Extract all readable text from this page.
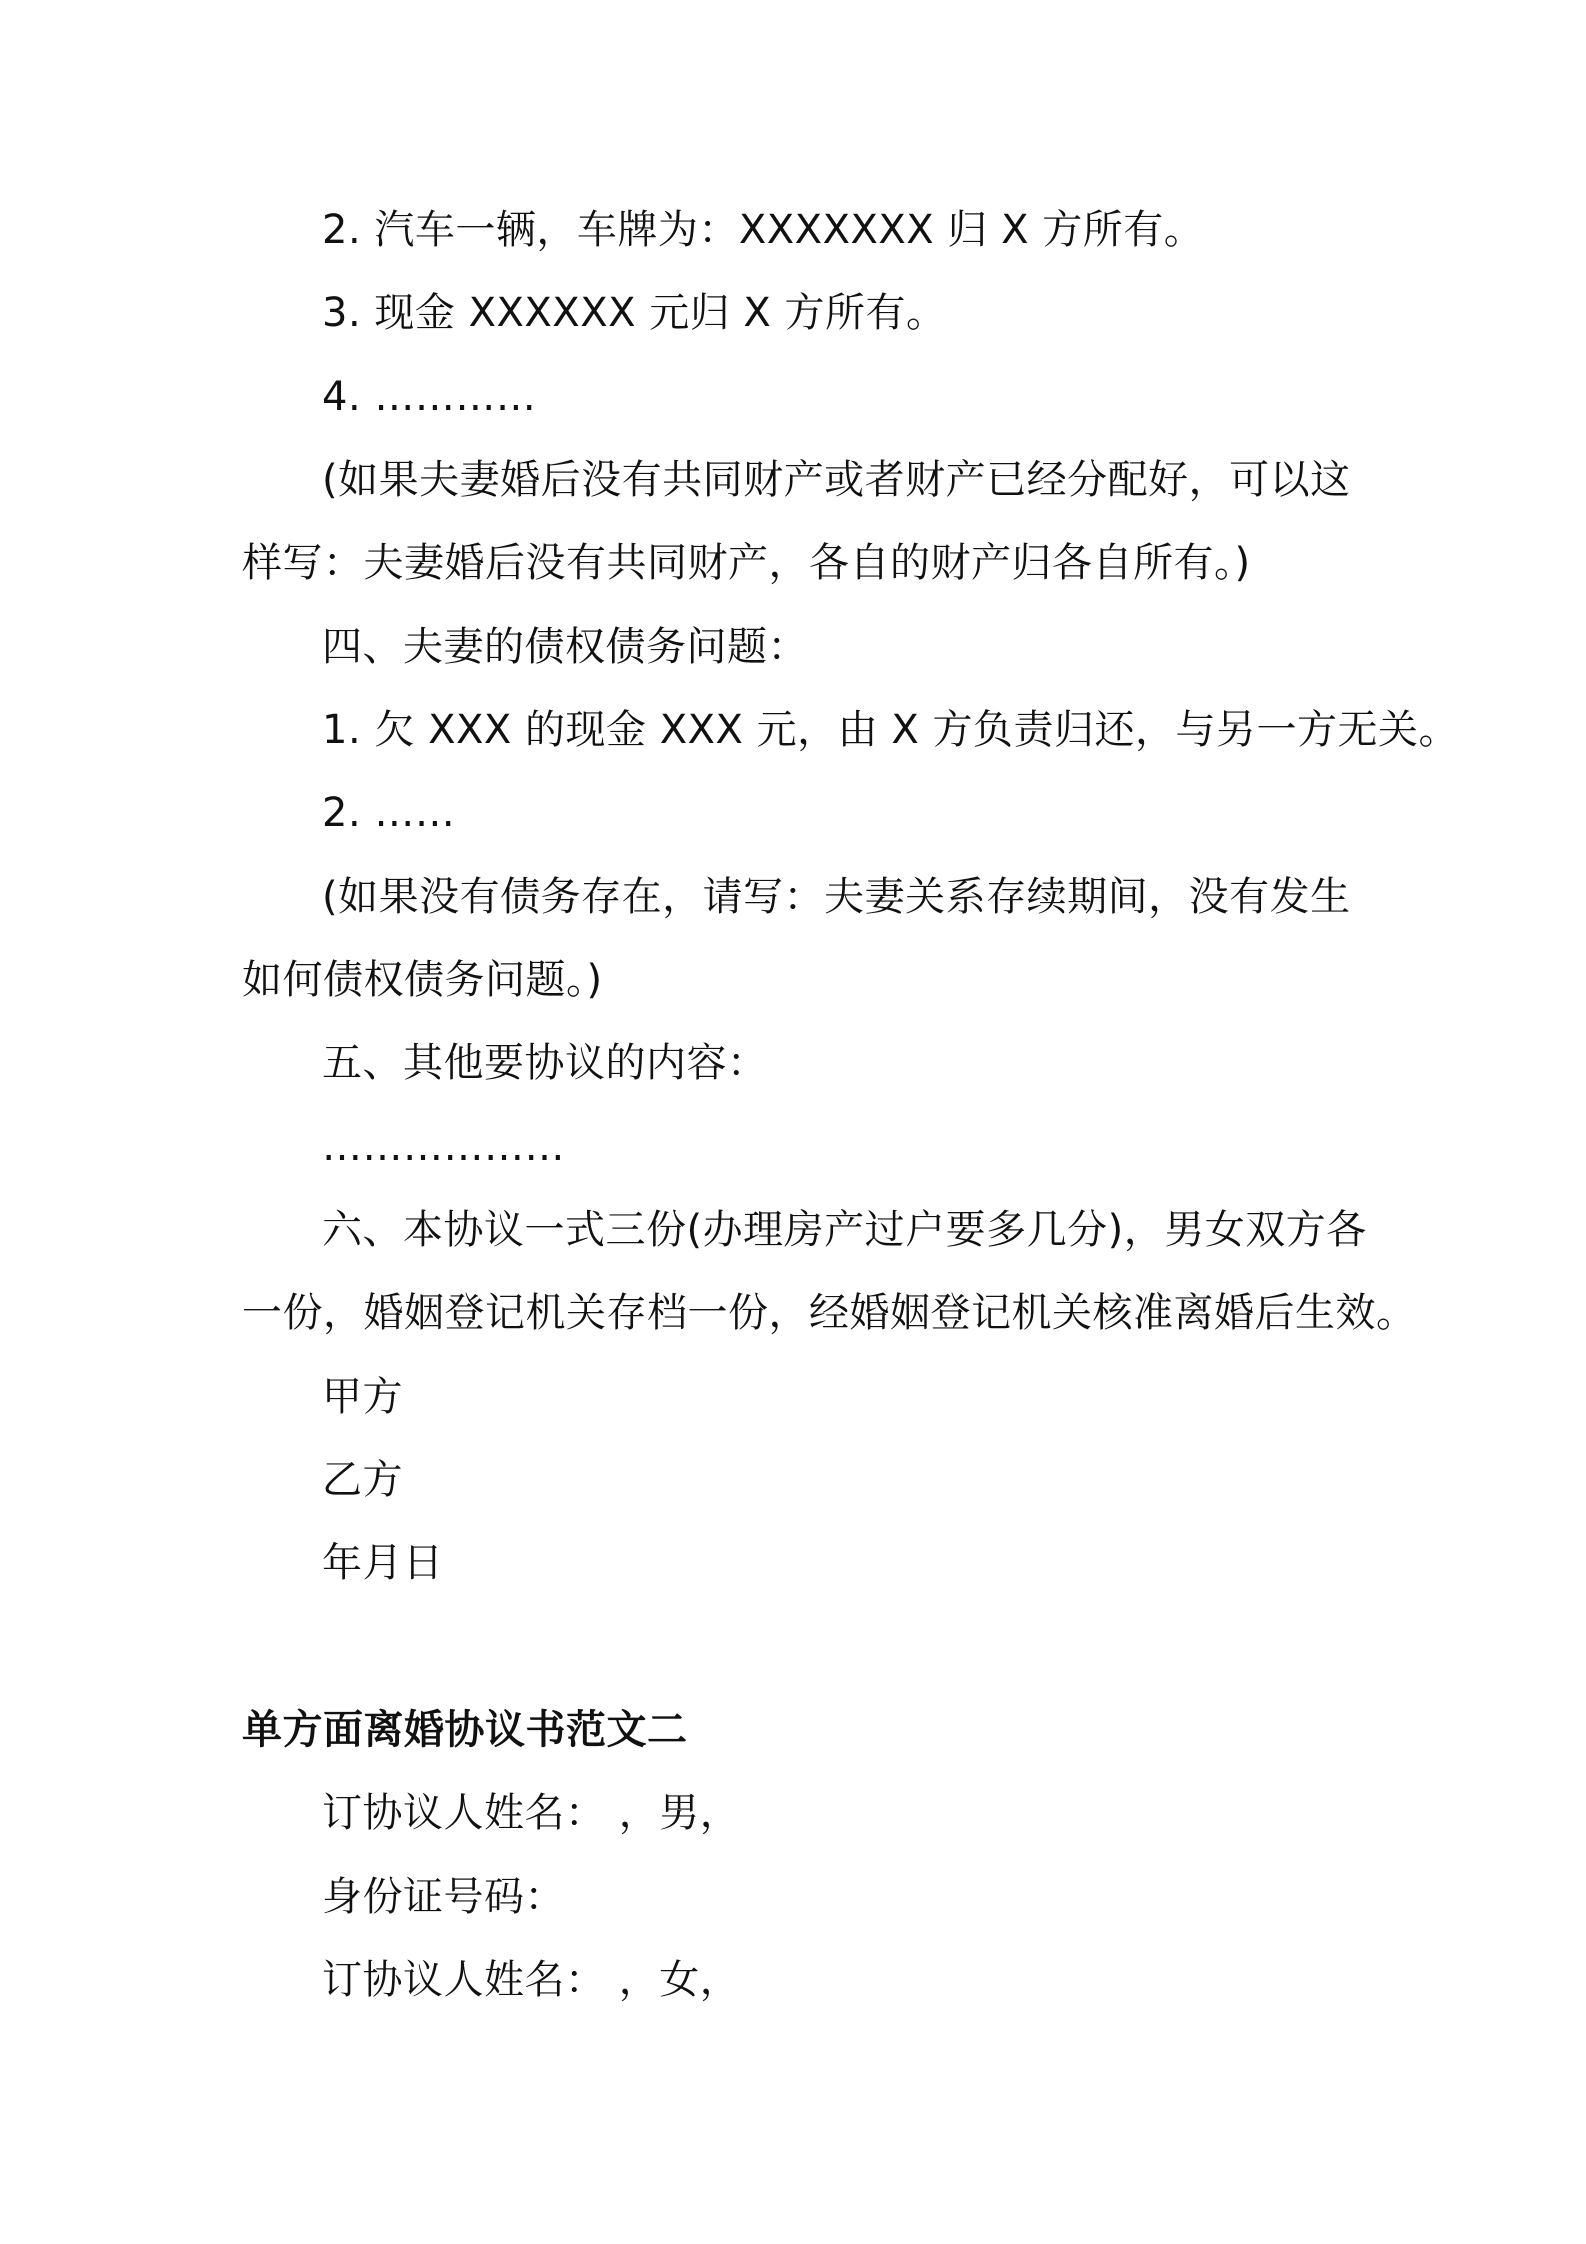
2. 汽车一辆，车牌为：XXXXXXX 归 X 方所有。
3. 现金 XXXXXX 元归 X 方所有。
4. …………
(如果夫妻婚后没有共同财产或者财产已经分配好，可以这
样写：夫妻婚后没有共同财产，各自的财产归各自所有。)
四、夫妻的债权债务问题：
1. 欠 XXX 的现金 XXX 元，由 X 方负责归还，与另一方无关。
2. ……
(如果没有债务存在，请写：夫妻关系存续期间，没有发生
如何债权债务问题。)
五、其他要协议的内容：
………………
六、本协议一式三份(办理房产过户要多几分)，男女双方各
一份，婚姻登记机关存档一份，经婚姻登记机关核准离婚后生效。
甲方
乙方
年月日
单方面离婚协议书范文二
订协议人姓名： ，男，
身份证号码：
订协议人姓名： ，女，
